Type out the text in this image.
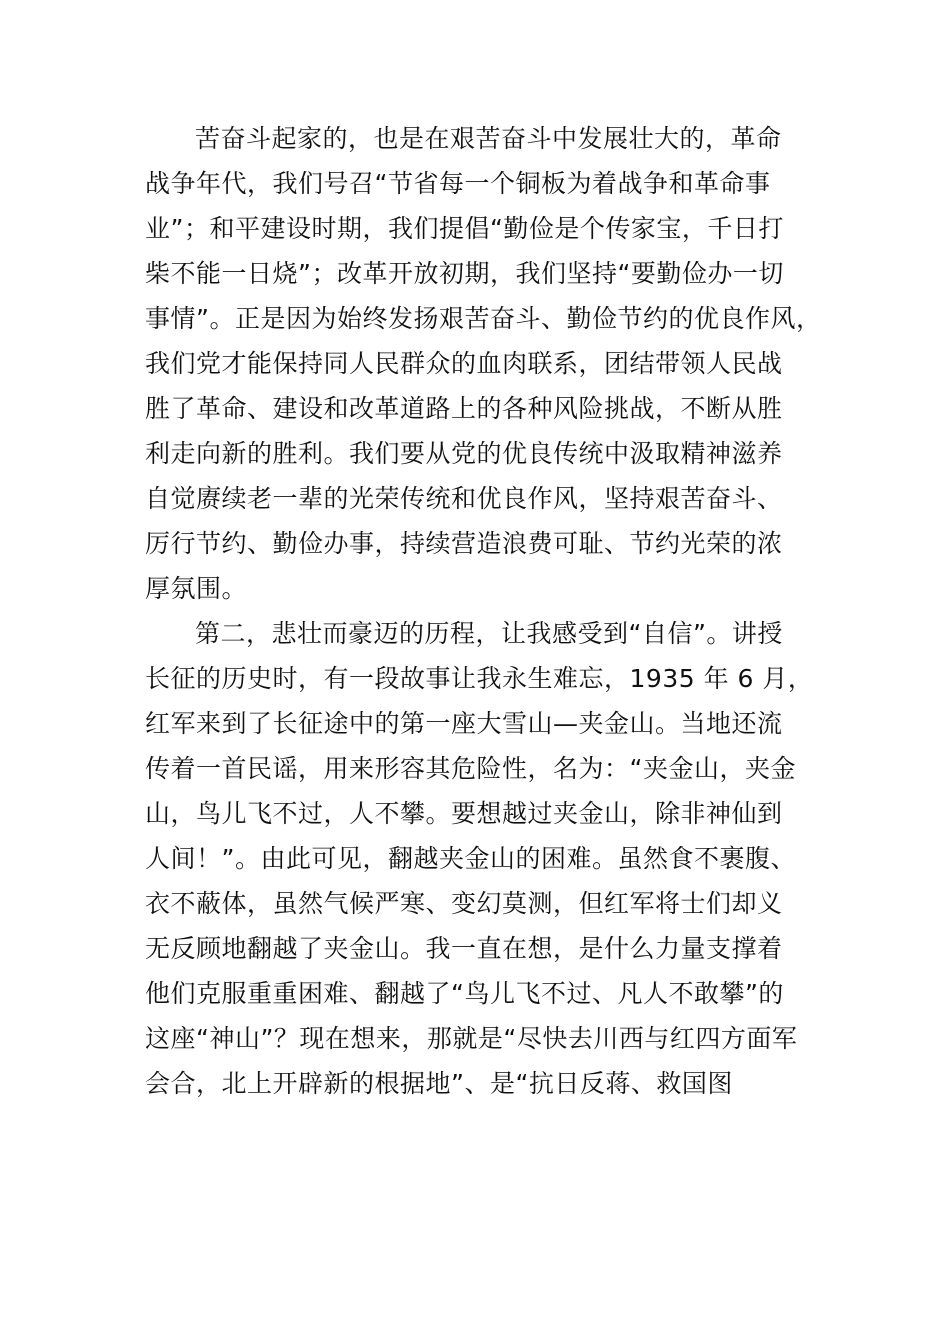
苦奋斗起家的，也是在艰苦奋斗中发展壮大的，革命
战争年代，我们号召“节省每一个铜板为着战争和革命事
业”；和平建设时期，我们提倡“勤俭是个传家宝，千日打
柴不能一日烧”；改革开放初期，我们坚持“要勤俭办一切
事情”。正是因为始终发扬艰苦奋斗、勤俭节约的优良作风，
我们党才能保持同人民群众的血肉联系，团结带领人民战
胜了革命、建设和改革道路上的各种风险挑战，不断从胜
利走向新的胜利。我们要从党的优良传统中汲取精神滋养
自觉赓续老一辈的光荣传统和优良作风，坚持艰苦奋斗、
厉行节约、勤俭办事，持续营造浪费可耻、节约光荣的浓
厚氛围。
第二，悲壮而豪迈的历程，让我感受到“自信”。讲授
长征的历史时，有一段故事让我永生难忘，1935 年 6 月，
红军来到了长征途中的第一座大雪山—夹金山。当地还流
传着一首民谣，用来形容其危险性，名为：“夹金山，夹金
山，鸟儿飞不过，人不攀。要想越过夹金山，除非神仙到
人间！”。由此可见，翻越夹金山的困难。虽然食不裹腹、
衣不蔽体，虽然气候严寒、变幻莫测，但红军将士们却义
无反顾地翻越了夹金山。我一直在想，是什么力量支撑着
他们克服重重困难、翻越了“鸟儿飞不过、凡人不敢攀”的
这座“神山”？现在想来，那就是“尽快去川西与红四方面军
会合，北上开辟新的根据地”、是“抗日反蒋、救国图
